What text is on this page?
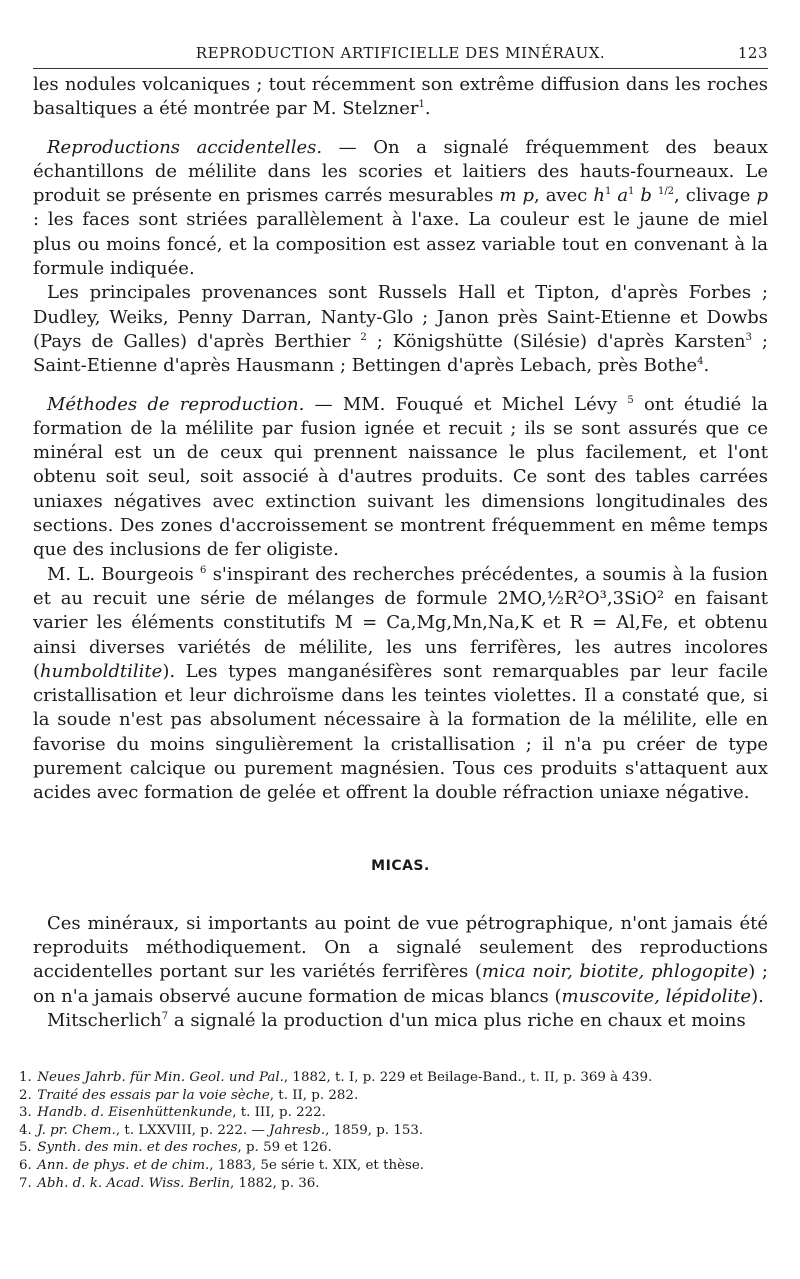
REPRODUCTION ARTIFICIELLE DES MINÉRAUX.	123

les nodules volcaniques ; tout récemment son extrême diffusion dans les roches basaltiques a été montrée par M. Stelzner$^1$.

Reproductions accidentelles. — On a signalé fréquemment des beaux échantillons de mélilite dans les scories et laitiers des hauts-fourneaux. Le produit se présente en prismes carrés mesurables m p, avec $h^1$ $a^1$ b $^{1/2}$, clivage p : les faces sont striées parallèlement à l'axe. La couleur est le jaune de miel plus ou moins foncé, et la composition est assez variable tout en convenant à la formule indiquée.

Les principales provenances sont Russels Hall et Tipton, d'après Forbes ; Dudley, Weiks, Penny Darran, Nanty-Glo ; Janon près Saint-Etienne et Dowbs (Pays de Galles) d'après Berthier $^2$ ; Königshütte (Silésie) d'après Karsten$^3$ ; Saint-Etienne d'après Hausmann ; Bettingen d'après Lebach, près Bothe$^4$.

Méthodes de reproduction. — MM. Fouqué et Michel Lévy $^5$ ont étudié la formation de la mélilite par fusion ignée et recuit ; ils se sont assurés que ce minéral est un de ceux qui prennent naissance le plus facilement, et l'ont obtenu soit seul, soit associé à d'autres produits. Ce sont des tables carrées uniaxes négatives avec extinction suivant les dimensions longitudinales des sections. Des zones d'accroissement se montrent fréquemment en même temps que des inclusions de fer oligiste.

M. L. Bourgeois $^6$ s'inspirant des recherches précédentes, a soumis à la fusion et au recuit une série de mélanges de formule 2MO,½R²O³,3SiO² en faisant varier les éléments constitutifs M = Ca,Mg,Mn,Na,K et R = Al,Fe, et obtenu ainsi diverses variétés de mélilite, les uns ferrifères, les autres incolores (humboldtilite). Les types manganésifères sont remarquables par leur facile cristallisation et leur dichroïsme dans les teintes violettes. Il a constaté que, si la soude n'est pas absolument nécessaire à la formation de la mélilite, elle en favorise du moins singulièrement la cristallisation ; il n'a pu créer de type purement calcique ou purement magnésien. Tous ces produits s'attaquent aux acides avec formation de gelée et offrent la double réfraction uniaxe négative.

MICAS.

Ces minéraux, si importants au point de vue pétrographique, n'ont jamais été reproduits méthodiquement. On a signalé seulement des reproductions accidentelles portant sur les variétés ferrifères (mica noir, biotite, phlogopite) ; on n'a jamais observé aucune formation de micas blancs (muscovite, lépidolite).

Mitscherlich$^7$ a signalé la production d'un mica plus riche en chaux et moins

1. Neues Jahrb. für Min. Geol. und Pal., 1882, t. I, p. 229 et Beilage-Band., t. II, p. 369 à 439.
2. Traité des essais par la voie sèche, t. II, p. 282.
3. Handb. d. Eisenhüttenkunde, t. III, p. 222.
4. J. pr. Chem., t. LXXVIII, p. 222. — Jahresb., 1859, p. 153.
5. Synth. des min. et des roches, p. 59 et 126.
6. Ann. de phys. et de chim., 1883, 5e série t. XIX, et thèse.
7. Abh. d. k. Acad. Wiss. Berlin, 1882, p. 36.
